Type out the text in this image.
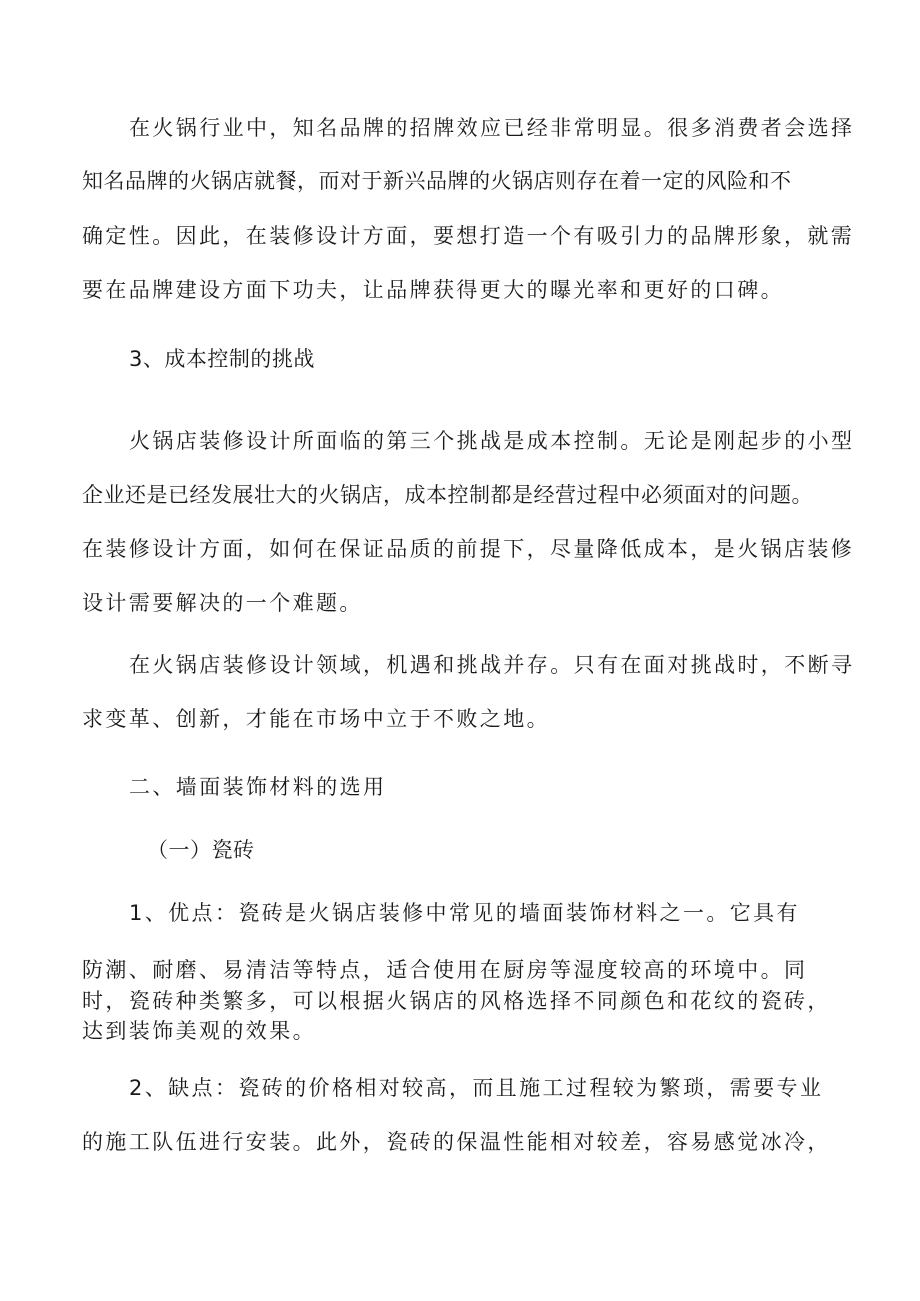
在火锅行业中，知名品牌的招牌效应已经非常明显。很多消费者会选择
知名品牌的火锅店就餐，而对于新兴品牌的火锅店则存在着一定的风险和不
确定性。因此，在装修设计方面，要想打造一个有吸引力的品牌形象，就需
要在品牌建设方面下功夫，让品牌获得更大的曝光率和更好的口碑。
3、成本控制的挑战
火锅店装修设计所面临的第三个挑战是成本控制。无论是刚起步的小型
企业还是已经发展壮大的火锅店，成本控制都是经营过程中必须面对的问题。
在装修设计方面，如何在保证品质的前提下，尽量降低成本，是火锅店装修
设计需要解决的一个难题。
在火锅店装修设计领域，机遇和挑战并存。只有在面对挑战时，不断寻
求变革、创新，才能在市场中立于不败之地。
二、墙面装饰材料的选用
（一）瓷砖
1、优点：瓷砖是火锅店装修中常见的墙面装饰材料之一。它具有
防潮、耐磨、易清洁等特点，适合使用在厨房等湿度较高的环境中。同
时，瓷砖种类繁多，可以根据火锅店的风格选择不同颜色和花纹的瓷砖，
达到装饰美观的效果。
2、缺点：瓷砖的价格相对较高，而且施工过程较为繁琐，需要专业
的施工队伍进行安装。此外，瓷砖的保温性能相对较差，容易感觉冰冷，
